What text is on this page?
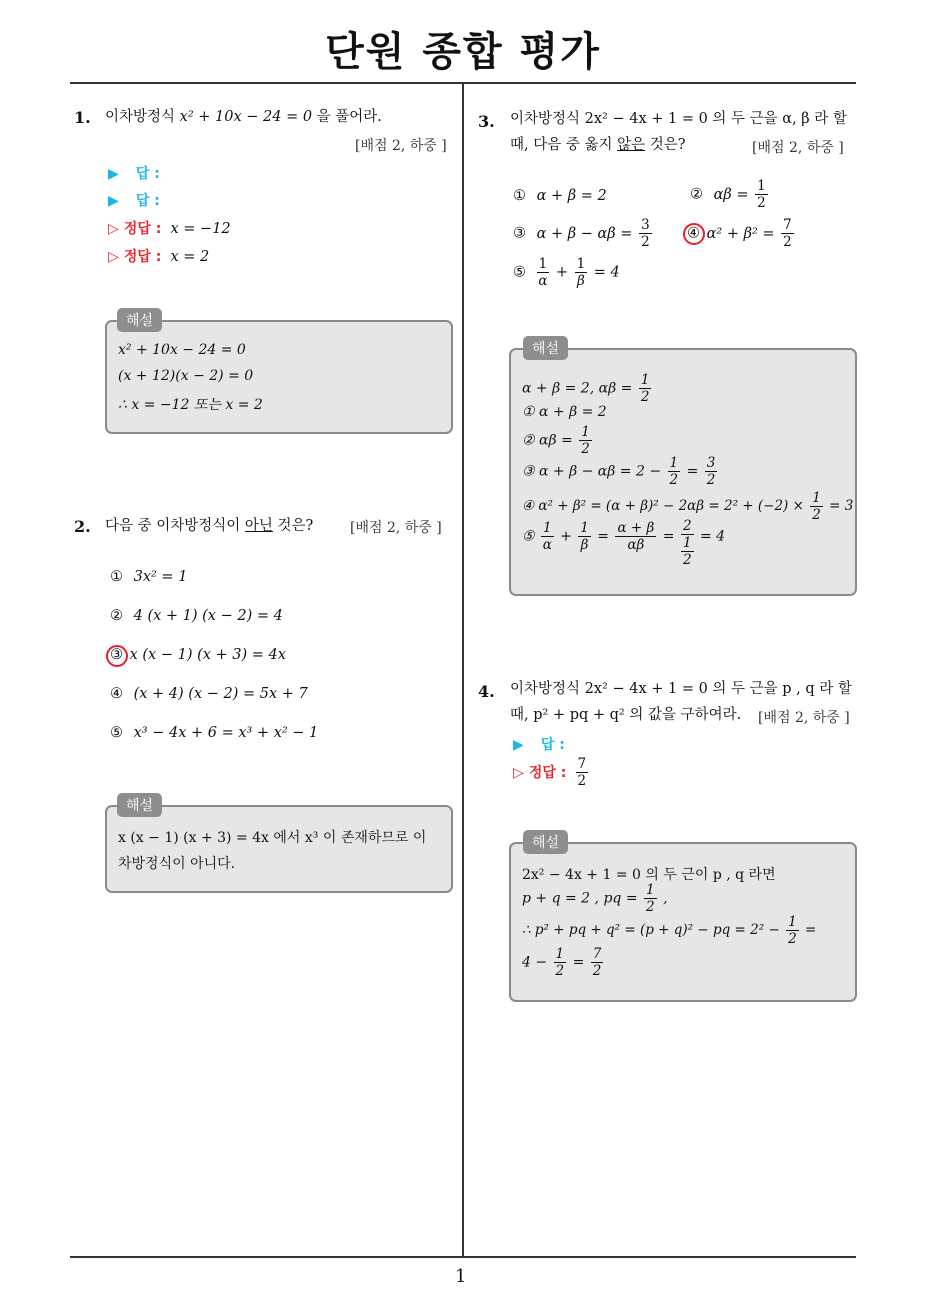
단원 종합 평가
1
1. 이차방정식 x² + 10x − 24 = 0 을 풀어라.
[배점 2, 하중 ]
▶ 답 :
▶ 답 :
▷ 정답 : x = −12
▷ 정답 : x = 2
해설
x² + 10x − 24 = 0
(x + 12)(x − 2) = 0
∴ x = −12 또는 x = 2
2. 다음 중 이차방정식이 아닌 것은?	[배점 2, 하중 ]
① 3x² = 1
② 4 (x + 1) (x − 2) = 4
③ x (x − 1) (x + 3) = 4x
④ (x + 4) (x − 2) = 5x + 7
⑤ x³ − 4x + 6 = x³ + x² − 1
해설
x (x − 1) (x + 3) = 4x 에서 x³ 이 존재하므로 이
차방정식이 아니다.
3. 이차방정식 2x² − 4x + 1 = 0 의 두 근을 α, β 라 할
때, 다음 중 옳지 않은 것은?	[배점 2, 하중 ]
① α + β = 2	② $\alpha\beta = \frac{1}{2}$
③ $\alpha + \beta - \alpha\beta = \frac{3}{2}$ ④ $\alpha^2 + \beta^2 = \frac{7}{2}$
⑤ $\frac{1}{\alpha} + \frac{1}{\beta} = 4$
해설
α + β = 2, $\alpha\beta = \frac{1}{2}$
① α + β = 2
② $\alpha\beta = \frac{1}{2}$
③ $\alpha + \beta - \alpha\beta = 2 - \frac{1}{2} = \frac{3}{2}$
④ $\alpha^2 + \beta^2 = (\alpha + \beta)^2 - 2\alpha\beta = 2^2 + (-2) \times \frac{1}{2} = 3$
⑤ $\frac{1}{\alpha} + \frac{1}{\beta} = \frac{\alpha + \beta}{\alpha\beta} = \frac{2}{\frac{1}{2}} = 4$
4. 이차방정식 2x² − 4x + 1 = 0 의 두 근을 p , q 라 할
때, p² + pq + q² 의 값을 구하여라. [배점 2, 하중 ]
▶ 답 :
▷ 정답 : $\frac{7}{2}$
해설
2x² − 4x + 1 = 0 의 두 근이 p , q 라면
p + q = 2 , pq = $\frac{1}{2}$ ,
∴ p² + pq + q² = (p + q)² − pq = $2^2 - \frac{1}{2}$ =
$4 - \frac{1}{2} = \frac{7}{2}$
